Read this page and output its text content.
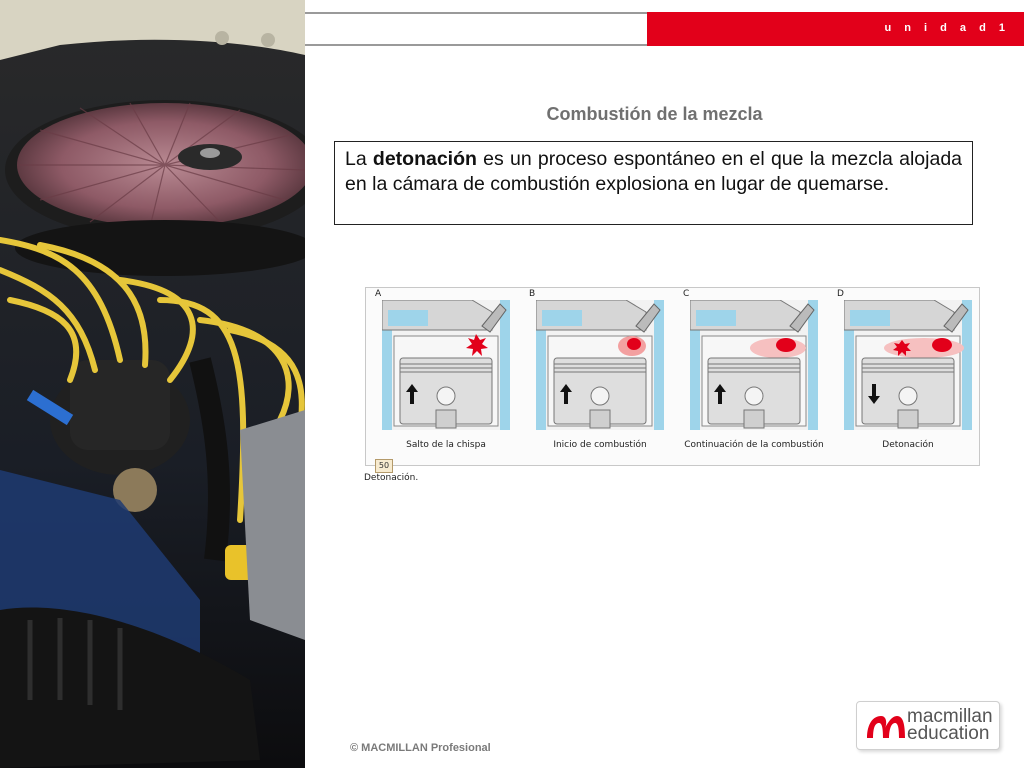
u n i d a d 1
Combustión de la mezcla
La detonación es un proceso espontáneo en el que la mezcla alojada en la cámara de combustión explosiona en lugar de quemarse.
A
Salto de la chispa
B
Inicio de combustión
C
Continuación de la combustión
D
Detonación
50
Detonación.
© MACMILLAN Profesional
macmillan
education
